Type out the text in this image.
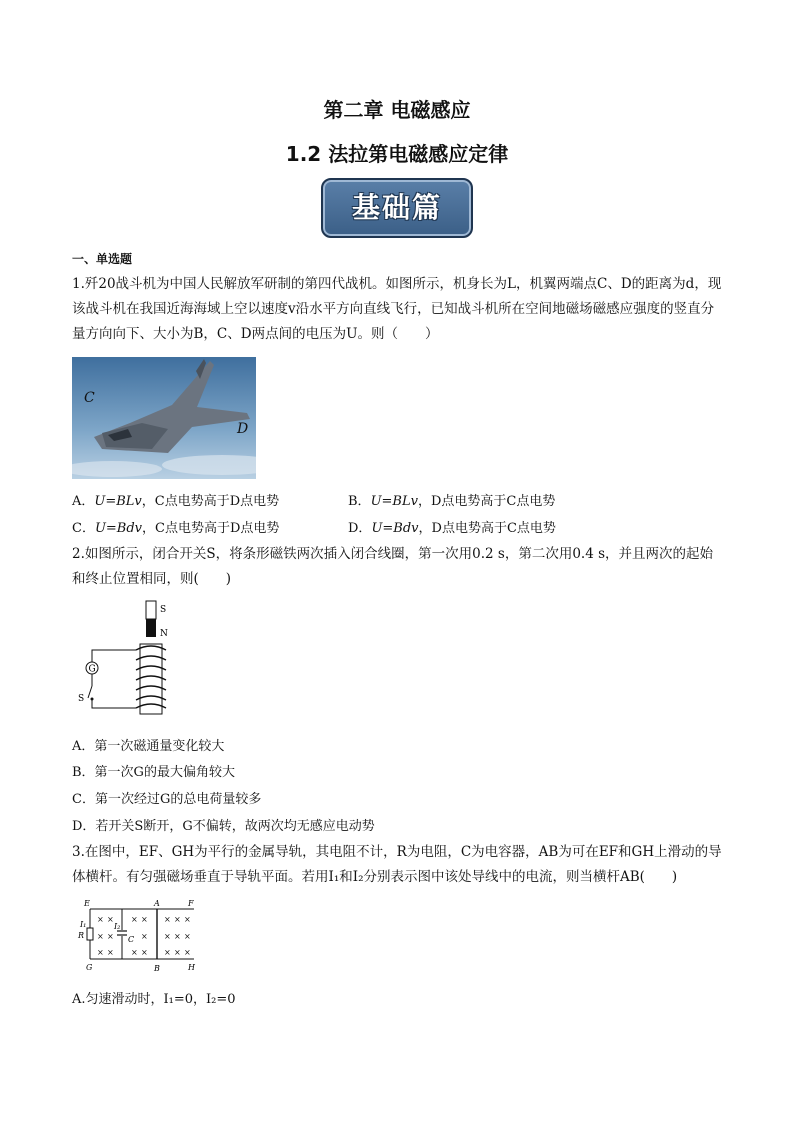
第二章 电磁感应
1.2 法拉第电磁感应定律
基础篇
一、单选题
1.歼20战斗机为中国人民解放军研制的第四代战机。如图所示，机身长为L，机翼两端点C、D的距离为d，现该战斗机在我国近海海域上空以速度v沿水平方向直线飞行，已知战斗机所在空间地磁场磁感应强度的竖直分量方向向下、大小为B，C、D两点间的电压为U。则（　　）
C
D
A．U=BLv，C点电势高于D点电势	B．U=BLv，D点电势高于C点电势
C．U=Bdv，C点电势高于D点电势	D．U=Bdv，D点电势高于C点电势
2.如图所示，闭合开关S，将条形磁铁两次插入闭合线圈，第一次用0.2 s，第二次用0.4 s，并且两次的起始和终止位置相同，则(　　)
S
N
G
S
A．第一次磁通量变化较大
B．第一次G的最大偏角较大
C．第一次经过G的总电荷量较多
D．若开关S断开，G不偏转，故两次均无感应电动势
3.在图中，EF、GH为平行的金属导轨，其电阻不计，R为电阻，C为电容器，AB为可在EF和GH上滑动的导体横杆。有匀强磁场垂直于导轨平面。若用I₁和I₂分别表示图中该处导线中的电流，则当横杆AB(　　)
E	A	F
I₁
R
I₂
C
G	B	H
× × × × × × ×
× ×	× × × ×
× × × × × × ×
A.匀速滑动时，I₁=0，I₂=0
